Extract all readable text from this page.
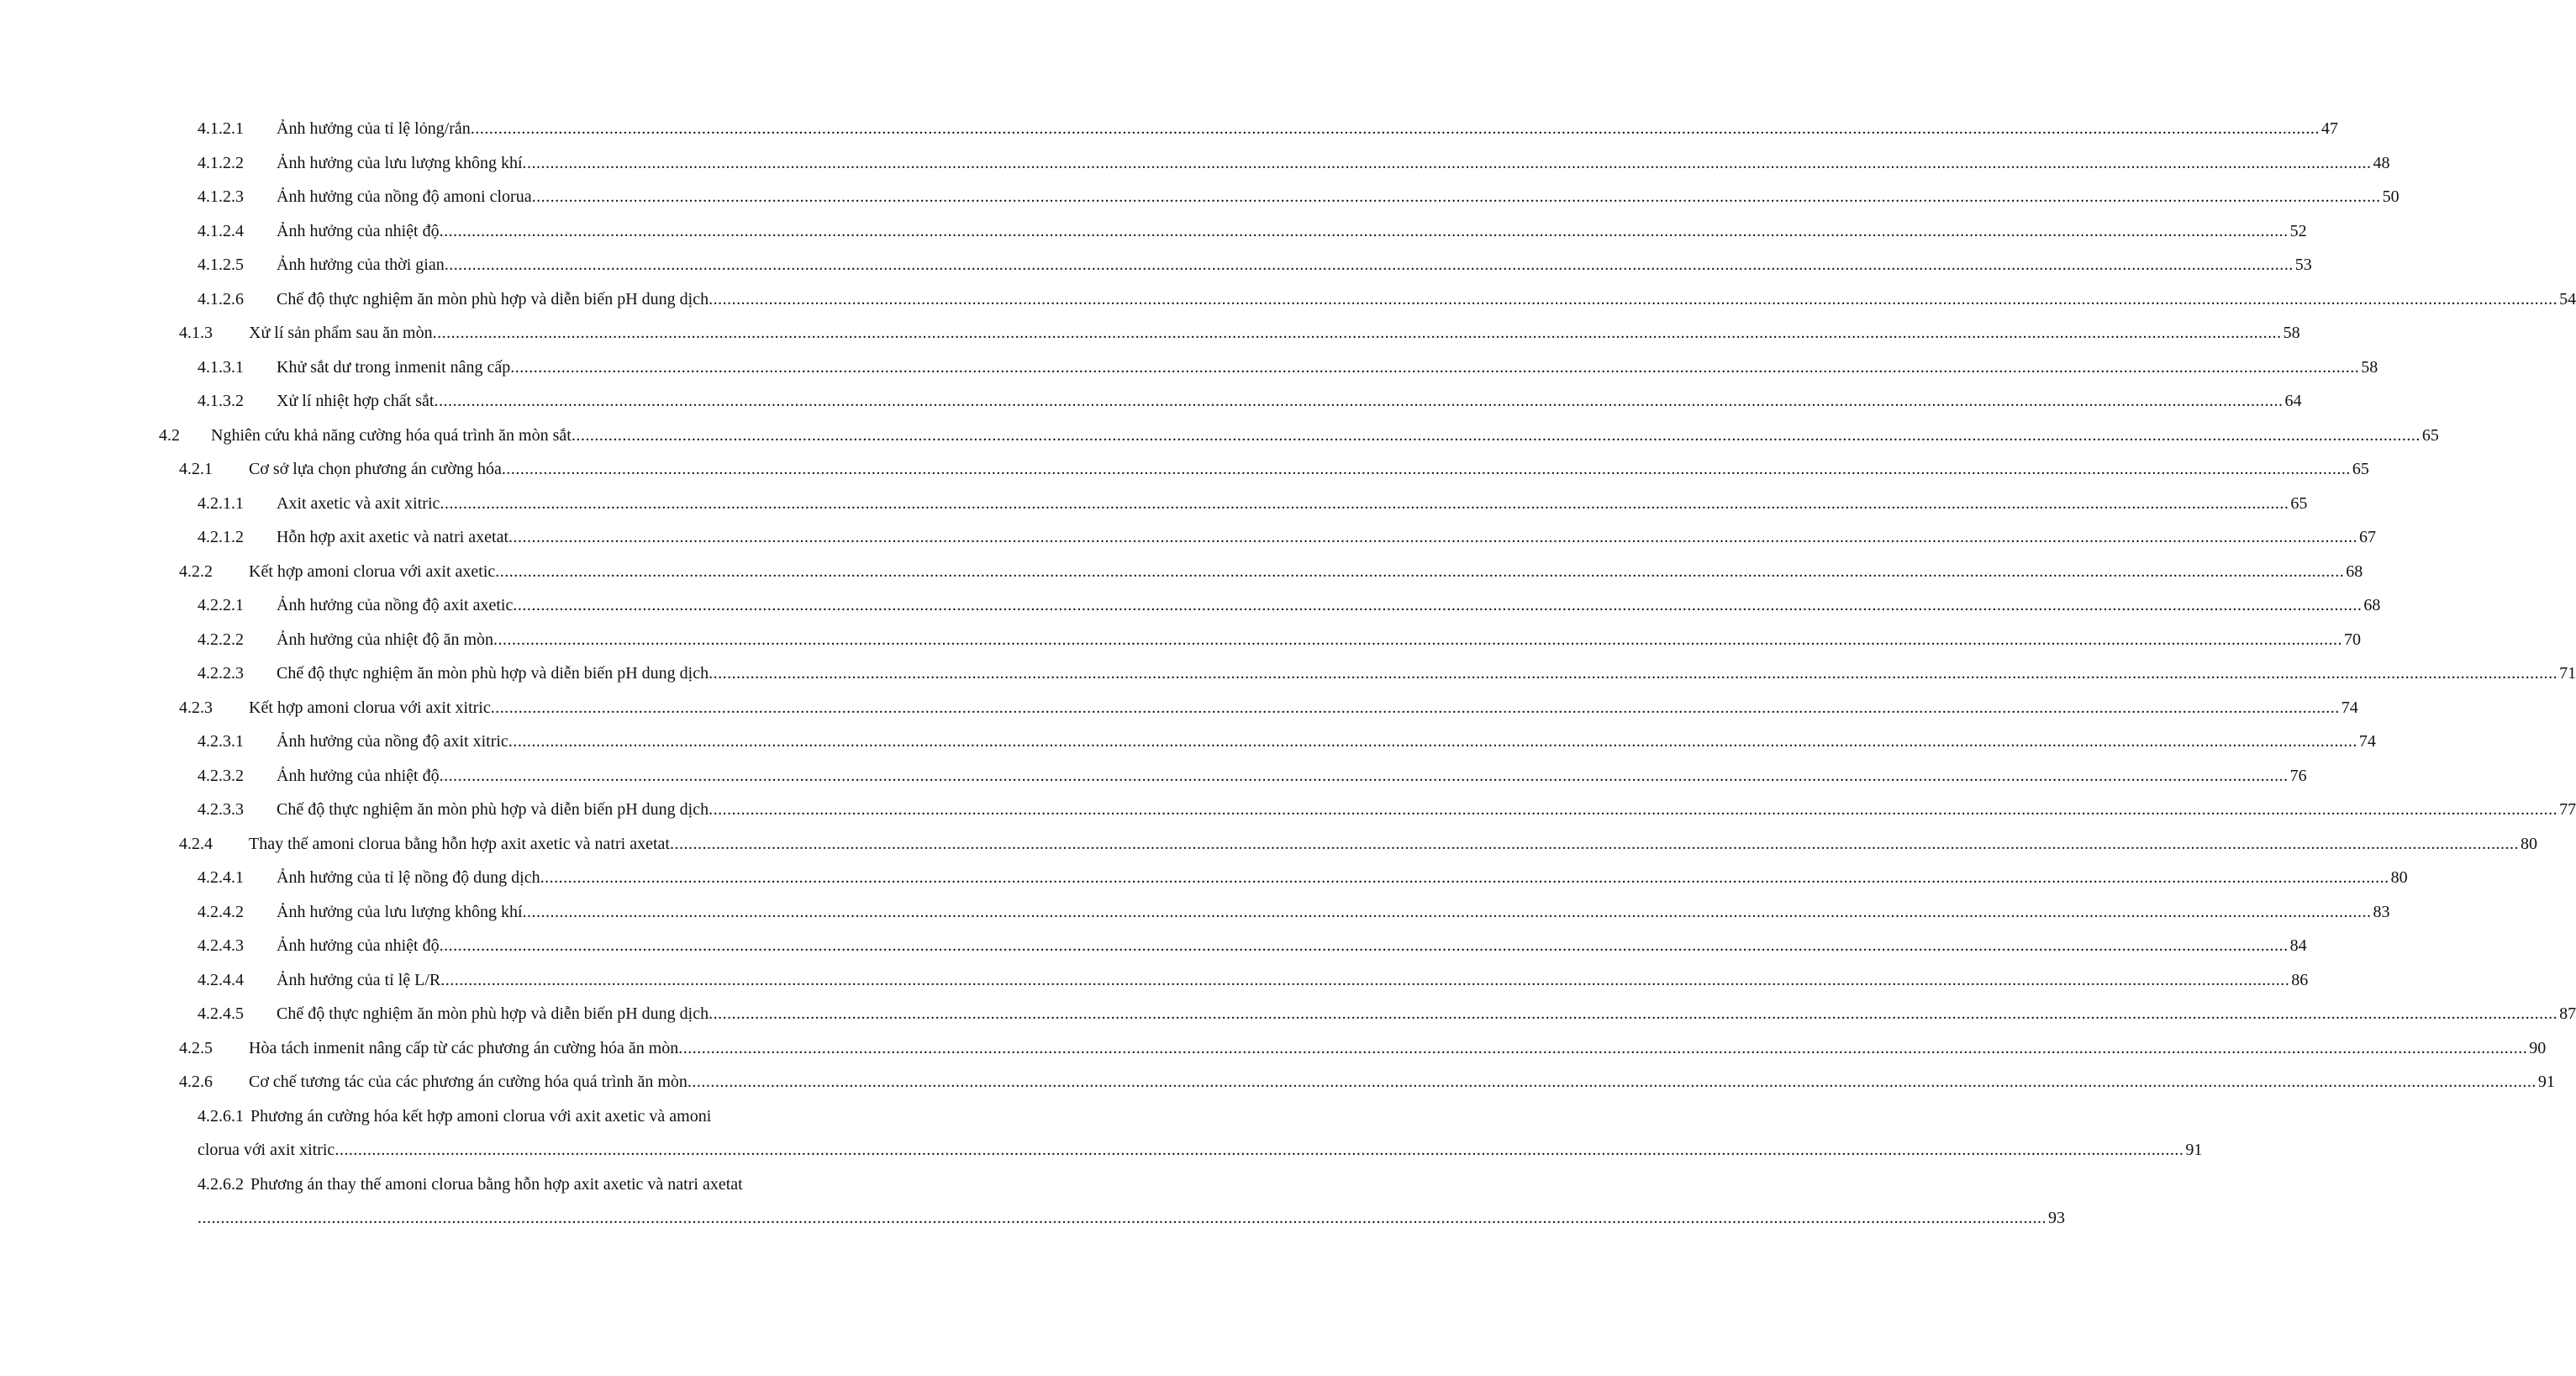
4.1.2.1 Ảnh hưởng của tỉ lệ lỏng/rắn ................................................................................................................................................................................................................................................................................................................................................................................................................ 47
4.1.2.2 Ảnh hưởng của lưu lượng không khí ................................................................................................................................................................................................................................................................................................................................................................................................................ 48
4.1.2.3 Ảnh hưởng của nồng độ amoni clorua ................................................................................................................................................................................................................................................................................................................................................................................................................ 50
4.1.2.4 Ảnh hưởng của nhiệt độ ................................................................................................................................................................................................................................................................................................................................................................................................................ 52
4.1.2.5 Ảnh hưởng của thời gian ................................................................................................................................................................................................................................................................................................................................................................................................................ 53
4.1.2.6 Chế độ thực nghiệm ăn mòn phù hợp và diễn biến pH dung dịch ................................................................................................................................................................................................................................................................................................................................................................................................................ 54
4.1.3 Xử lí sản phẩm sau ăn mòn ................................................................................................................................................................................................................................................................................................................................................................................................................ 58
4.1.3.1 Khử sắt dư trong inmenit nâng cấp ................................................................................................................................................................................................................................................................................................................................................................................................................ 58
4.1.3.2 Xử lí nhiệt hợp chất sắt ................................................................................................................................................................................................................................................................................................................................................................................................................ 64
4.2 Nghiên cứu khả năng cường hóa quá trình ăn mòn sắt ................................................................................................................................................................................................................................................................................................................................................................................................................ 65
4.2.1 Cơ sở lựa chọn phương án cường hóa ................................................................................................................................................................................................................................................................................................................................................................................................................ 65
4.2.1.1 Axit axetic và axit xitric ................................................................................................................................................................................................................................................................................................................................................................................................................ 65
4.2.1.2 Hỗn hợp axit axetic và natri axetat ................................................................................................................................................................................................................................................................................................................................................................................................................ 67
4.2.2 Kết hợp amoni clorua với axit axetic ................................................................................................................................................................................................................................................................................................................................................................................................................ 68
4.2.2.1 Ảnh hưởng của nồng độ axit axetic ................................................................................................................................................................................................................................................................................................................................................................................................................ 68
4.2.2.2 Ảnh hưởng của nhiệt độ ăn mòn ................................................................................................................................................................................................................................................................................................................................................................................................................ 70
4.2.2.3 Chế độ thực nghiệm ăn mòn phù hợp và diễn biến pH dung dịch ................................................................................................................................................................................................................................................................................................................................................................................................................ 71
4.2.3 Kết hợp amoni clorua với axit xitric ................................................................................................................................................................................................................................................................................................................................................................................................................ 74
4.2.3.1 Ảnh hưởng của nồng độ axit xitric ................................................................................................................................................................................................................................................................................................................................................................................................................ 74
4.2.3.2 Ảnh hưởng của nhiệt độ ................................................................................................................................................................................................................................................................................................................................................................................................................ 76
4.2.3.3 Chế độ thực nghiệm ăn mòn phù hợp và diễn biến pH dung dịch ................................................................................................................................................................................................................................................................................................................................................................................................................ 77
4.2.4 Thay thế amoni clorua bằng hỗn hợp axit axetic và natri axetat ................................................................................................................................................................................................................................................................................................................................................................................................................ 80
4.2.4.1 Ảnh hưởng của tỉ lệ nồng độ dung dịch ................................................................................................................................................................................................................................................................................................................................................................................................................ 80
4.2.4.2 Ảnh hưởng của lưu lượng không khí ................................................................................................................................................................................................................................................................................................................................................................................................................ 83
4.2.4.3 Ảnh hưởng của nhiệt độ ................................................................................................................................................................................................................................................................................................................................................................................................................ 84
4.2.4.4 Ảnh hưởng của tỉ lệ L/R ................................................................................................................................................................................................................................................................................................................................................................................................................ 86
4.2.4.5 Chế độ thực nghiệm ăn mòn phù hợp và diễn biến pH dung dịch ................................................................................................................................................................................................................................................................................................................................................................................................................ 87
4.2.5 Hòa tách inmenit nâng cấp từ các phương án cường hóa ăn mòn ................................................................................................................................................................................................................................................................................................................................................................................................................ 90
4.2.6 Cơ chế tương tác của các phương án cường hóa quá trình ăn mòn ................................................................................................................................................................................................................................................................................................................................................................................................................ 91
4.2.6.1 Phương án cường hóa kết hợp amoni clorua với axit axetic và amoni
clorua với axit xitric ................................................................................................................................................................................................................................................................................................................................................................................................................ 91
4.2.6.2 Phương án thay thế amoni clorua bằng hỗn hợp axit axetic và natri axetat
................................................................................................................................................................................................................................................................................................................................................................................................................ 93
